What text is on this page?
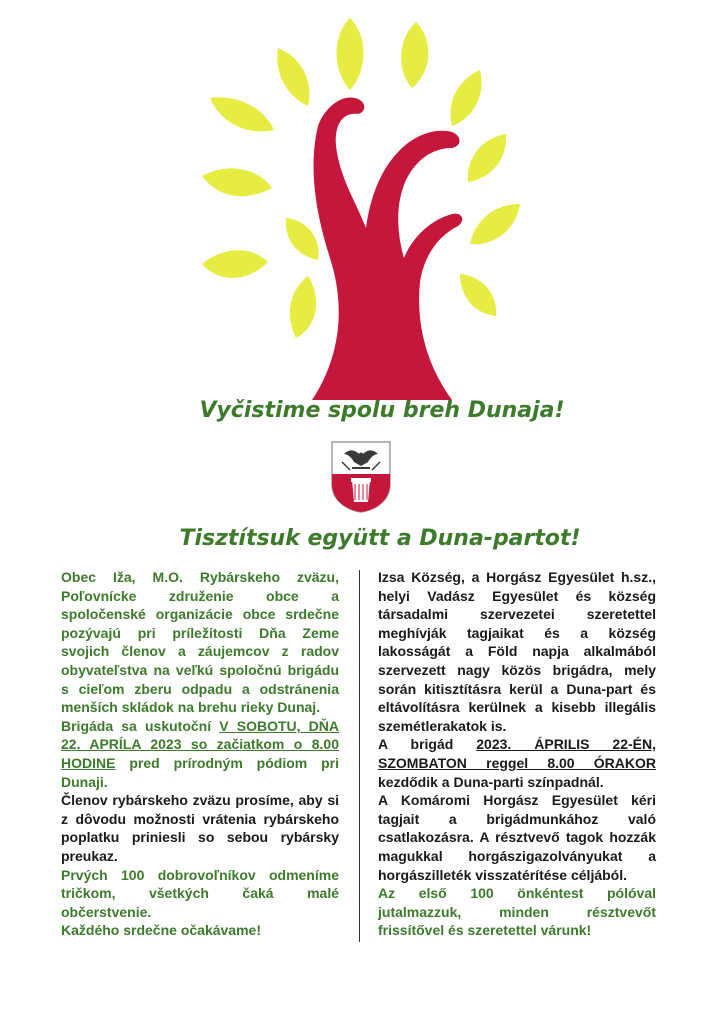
Vyčistime spolu breh Dunaja!
Tisztítsuk együtt a Duna-partot!

Obec Iža, M.O. Rybárskeho zväzu, Poľovnícke združenie obce a spoločenské organizácie obce srdečne pozývajú pri príležitosti Dňa Zeme svojich členov a záujemcov z radov obyvateľstva na veľkú spoločnú brigádu s cieľom zberu odpadu a odstránenia menších skládok na brehu rieky Dunaj.

Brigáda sa uskutoční V SOBOTU, DŇA 22. APRÍLA 2023 so začiatkom o 8.00 HODINE pred prírodným pódiom pri Dunaji.

Členov rybárskeho zväzu prosíme, aby si z dôvodu možnosti vrátenia rybárskeho poplatku priniesli so sebou rybársky preukaz.

Prvých 100 dobrovoľníkov odmeníme tričkom, všetkých čaká malé občerstvenie.

Každého srdečne očakávame!

Izsa Község, a Horgász Egyesület h.sz., helyi Vadász Egyesület és község társadalmi szervezetei szeretettel meghívják tagjaikat és a község lakosságát a Föld napja alkalmából szervezett nagy közös brigádra, mely során kitisztításra kerül a Duna-part és eltávolításra kerülnek a kisebb illegális szemétlerakatok is.

A brigád 2023. ÁPRILIS 22-ÉN, SZOMBATON reggel 8.00 ÓRAKOR kezdődik a Duna-parti színpadnál.

A Komáromi Horgász Egyesület kéri tagjait a brigádmunkához való csatlakozásra. A résztvevő tagok hozzák magukkal horgászigazolványukat a horgászilleték visszatérítése céljából.

Az első 100 önkéntest pólóval jutalmazzuk, minden résztvevőt frissítővel és szeretettel várunk!
